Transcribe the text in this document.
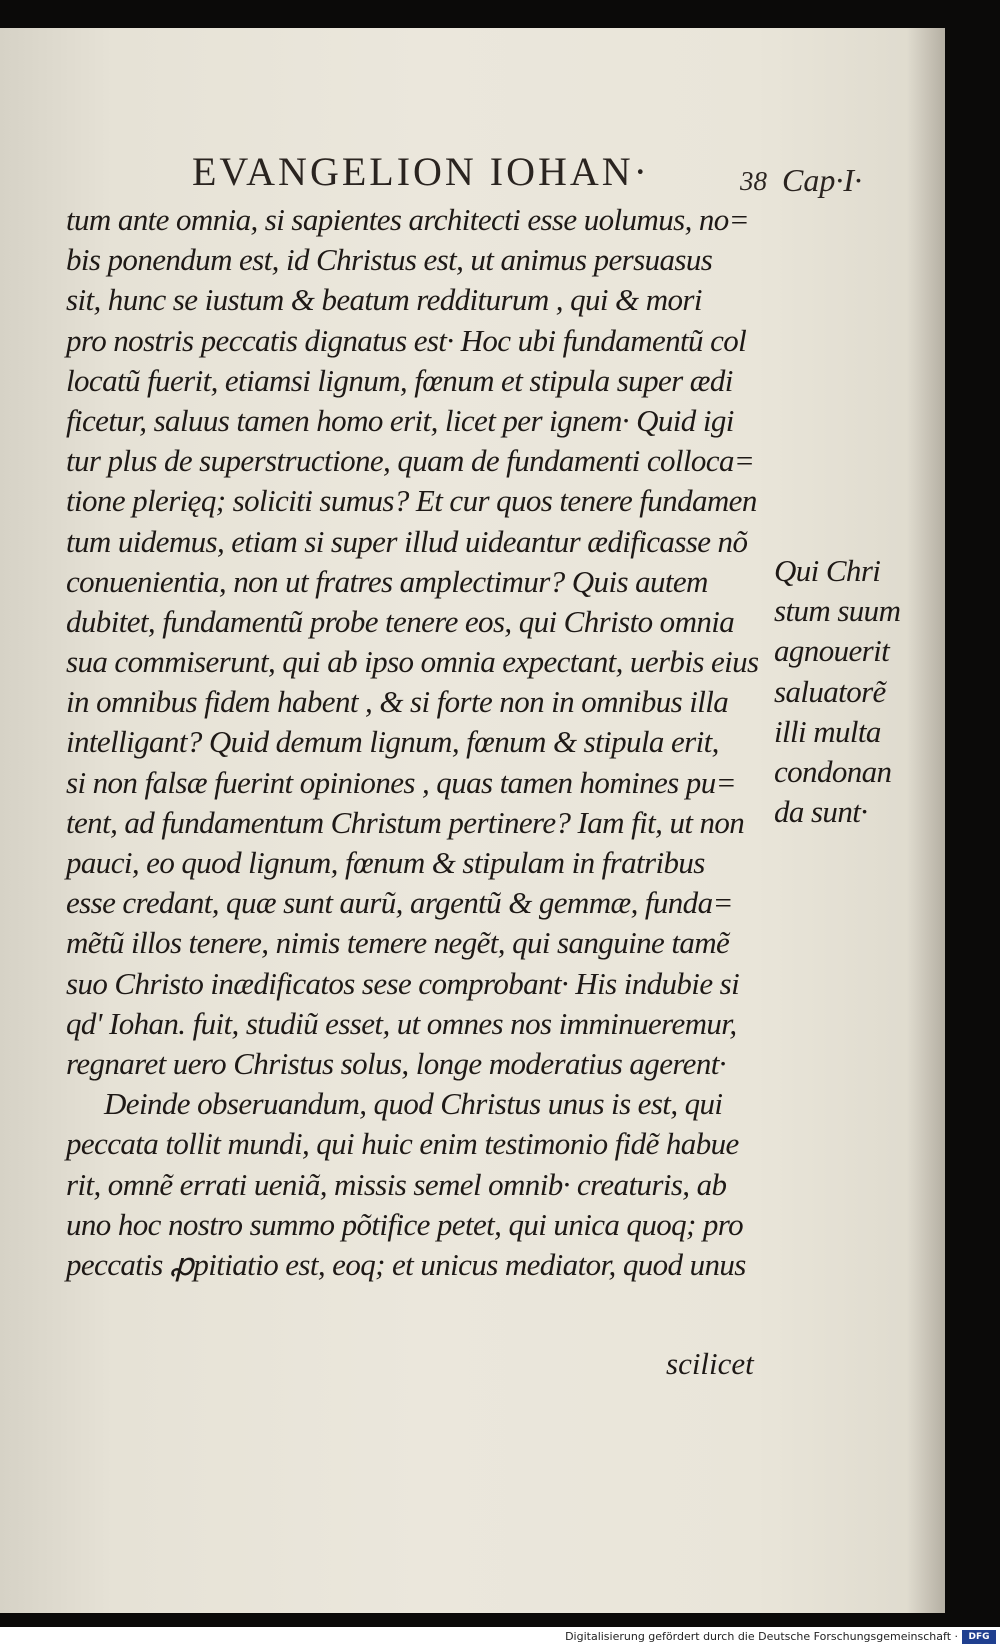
EVANGELION IOHAN·	38 Cap·I·
tum ante omnia, si sapientes architecti esse uolumus, no=
bis ponendum est, id Christus est, ut animus persuasus
sit, hunc se iustum & beatum redditurum , qui & mori
pro nostris peccatis dignatus est· Hoc ubi fundamentũ col
locatũ fuerit, etiamsi lignum, fœnum et stipula super ædi
ficetur, saluus tamen homo erit, licet per ignem· Quid igi
tur plus de superstructione, quam de fundamenti colloca=
tione plerięq; soliciti sumus? Et cur quos tenere fundamen
tum uidemus, etiam si super illud uideantur ædificasse nõ
conuenientia, non ut fratres amplectimur? Quis autem
dubitet, fundamentũ probe tenere eos, qui Christo omnia
sua commiserunt, qui ab ipso omnia expectant, uerbis eius
in omnibus fidem habent , & si forte non in omnibus illa
intelligant? Quid demum lignum, fœnum & stipula erit,
si non falsæ fuerint opiniones , quas tamen homines pu=
tent, ad fundamentum Christum pertinere? Iam fit, ut non
pauci, eo quod lignum, fœnum & stipulam in fratribus
esse credant, quæ sunt aurũ, argentũ & gemmæ, funda=
mẽtũ illos tenere, nimis temere negẽt, qui sanguine tamẽ
suo Christo inædificatos sese comprobant· His indubie si
qd' Iohan. fuit, studiũ esset, ut omnes nos imminueremur,
regnaret uero Christus solus, longe moderatius agerent·
Deinde obseruandum, quod Christus unus is est, qui
peccata tollit mundi, qui huic enim testimonio fidẽ habue
rit, omnẽ errati ueniã, missis semel omnib· creaturis, ab
uno hoc nostro summo põtifice petet, qui unica quoq; pro
peccatis ꝓpitiatio est, eoq; et unicus mediator, quod unus
scilicet
Qui Chri
stum suum
agnouerit
saluatorẽ
illi multa
condonan
da sunt·
Digitalisierung gefördert durch die Deutsche Forschungsgemeinschaft ·	DFG
